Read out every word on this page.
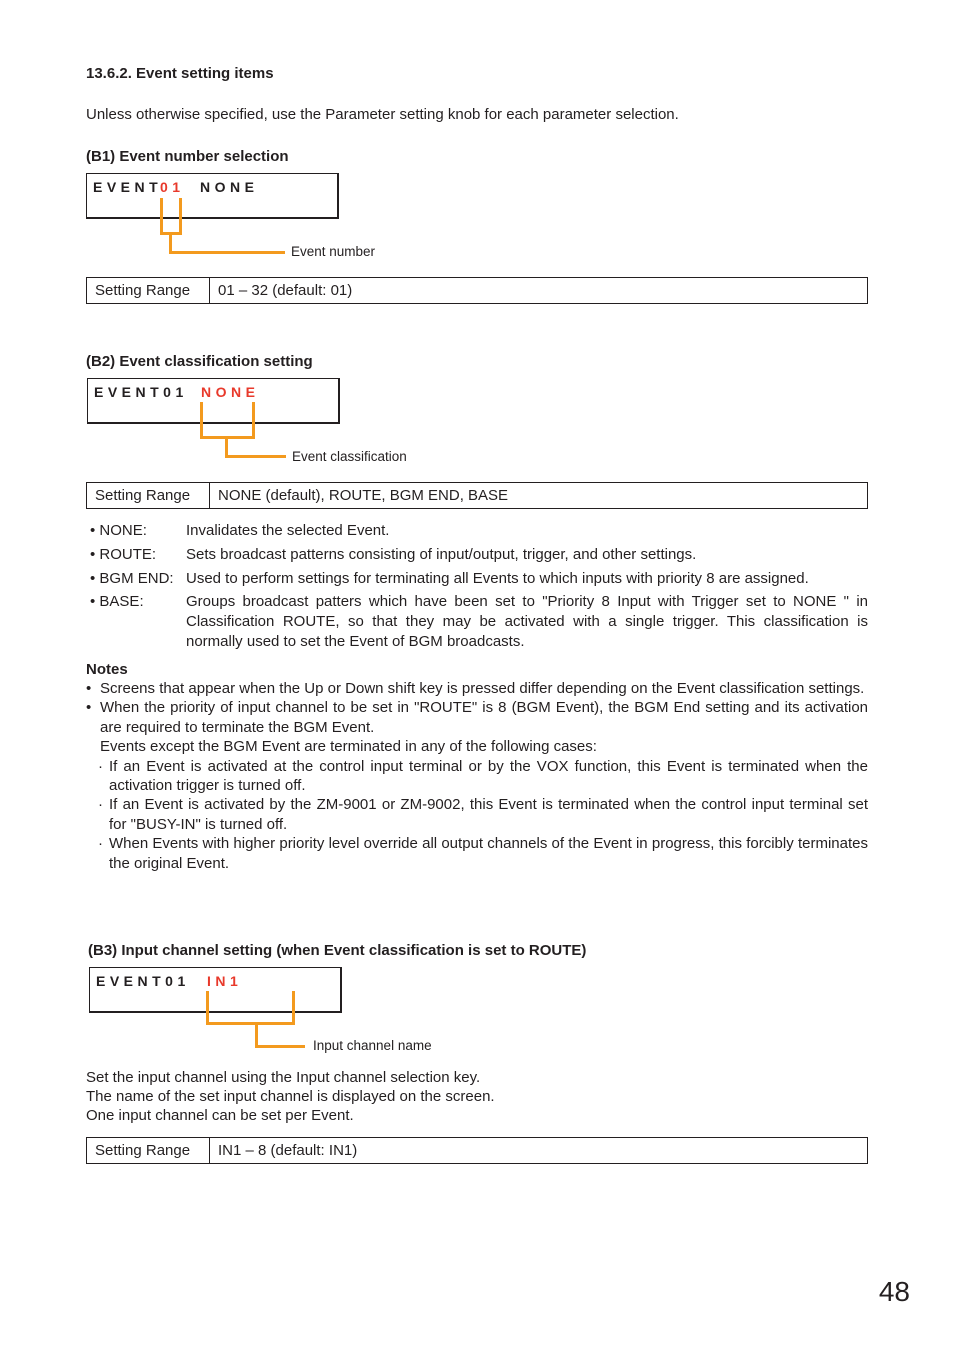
13.6.2. Event setting items
Unless otherwise specified, use the Parameter setting knob for each parameter selection.
(B1) Event number selection
EVENT
01 NONE
Event number
Setting Range	01 – 32 (default: 01)
(B2) Event classification setting
EVENT01 NONE
Event classification
Setting Range	NONE (default), ROUTE, BGM END, BASE
• NONE:	Invalidates the selected Event.
• ROUTE: Sets broadcast patterns consisting of input/output, trigger, and other settings.
• BGM END: Used to perform settings for terminating all Events to which inputs with priority 8 are assigned.
• BASE:	Groups broadcast patters which have been set to "Priority 8 Input with Trigger set to NONE " in Classification ROUTE, so that they may be activated with a single trigger. This classification is normally used to set the Event of BGM broadcasts.
Notes
• Screens that appear when the Up or Down shift key is pressed differ depending on the Event classification settings.
• When the priority of input channel to be set in "ROUTE" is 8 (BGM Event), the BGM End setting and its activation are required to terminate the BGM Event.
Events except the BGM Event are terminated in any of the following cases:
· If an Event is activated at the control input terminal or by the VOX function, this Event is terminated when the activation trigger is turned off.
· If an Event is activated by the ZM-9001 or ZM-9002, this Event is terminated when the control input terminal set for "BUSY-IN" is turned off.
· When Events with higher priority level override all output channels of the Event in progress, this forcibly terminates the original Event.
(B3) Input channel setting (when Event classification is set to ROUTE)
EVENT01 IN1
Input channel name
Set the input channel using the Input channel selection key.
The name of the set input channel is displayed on the screen.
One input channel can be set per Event.
Setting Range	IN1 – 8 (default: IN1)
48
